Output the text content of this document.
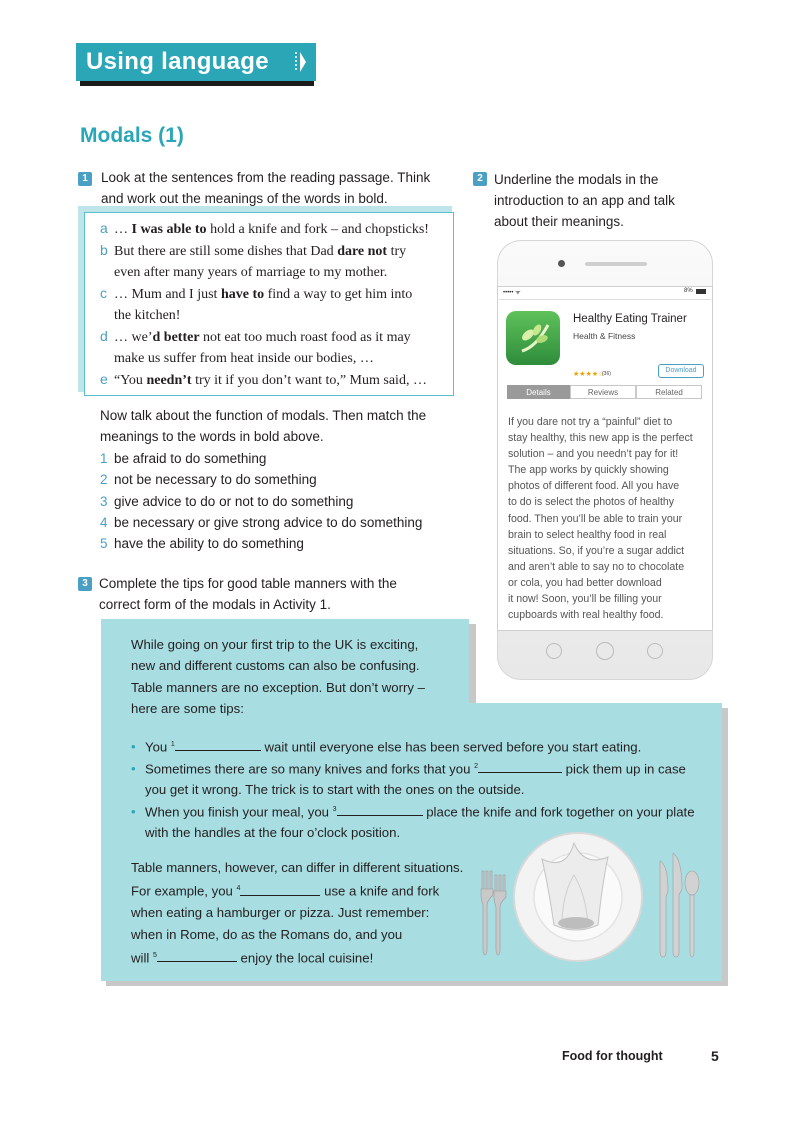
Using language
Modals (1)
1 Look at the sentences from the reading passage. Think
and work out the meanings of the words in bold.
a … I was able to hold a knife and fork – and chopsticks!
b But there are still some dishes that Dad dare not try
even after many years of marriage to my mother.
c … Mum and I just have to find a way to get him into
the kitchen!
d … we’d better not eat too much roast food as it may
make us suffer from heat inside our bodies, …
e “You needn’t try it if you don’t want to,” Mum said, …
Now talk about the function of modals. Then match the
meanings to the words in bold above.
1 be afraid to do something
2 not be necessary to do something
3 give advice to do or not to do something
4 be necessary or give strong advice to do something
5 have the ability to do something
2 Underline the modals in the
introduction to an app and talk
about their meanings.
••••• ᯤ	8%
Healthy Eating Trainer
Health & Fitness
★★★★☆
(36)	Download
Details	Reviews	Related
If you dare not try a “painful” diet to
stay healthy, this new app is the perfect
solution – and you needn’t pay for it!
The app works by quickly showing
photos of different food. All you have
to do is select the photos of healthy
food. Then you’ll be able to train your
brain to select healthy food in real
situations. So, if you’re a sugar addict
and aren’t able to say no to chocolate
or cola, you had better download
it now! Soon, you’ll be filling your
cupboards with real healthy food.
3 Complete the tips for good table manners with the
correct form of the modals in Activity 1.
While going on your first trip to the UK is exciting,
new and different customs can also be confusing.
Table manners are no exception. But don’t worry –
here are some tips:
• You $^1$	wait until everyone else has been served before you start eating.
• Sometimes there are so many knives and forks that you $^2$	pick them up in case
you get it wrong. The trick is to start with the ones on the outside.
• When you finish your meal, you $^3$	place the knife and fork together on your plate
with the handles at the four o’clock position.
Table manners, however, can differ in different situations.
For example, you $^4$	use a knife and fork
when eating a hamburger or pizza. Just remember:
when in Rome, do as the Romans do, and you
will $^5$	enjoy the local cuisine!
Food for thought	5
